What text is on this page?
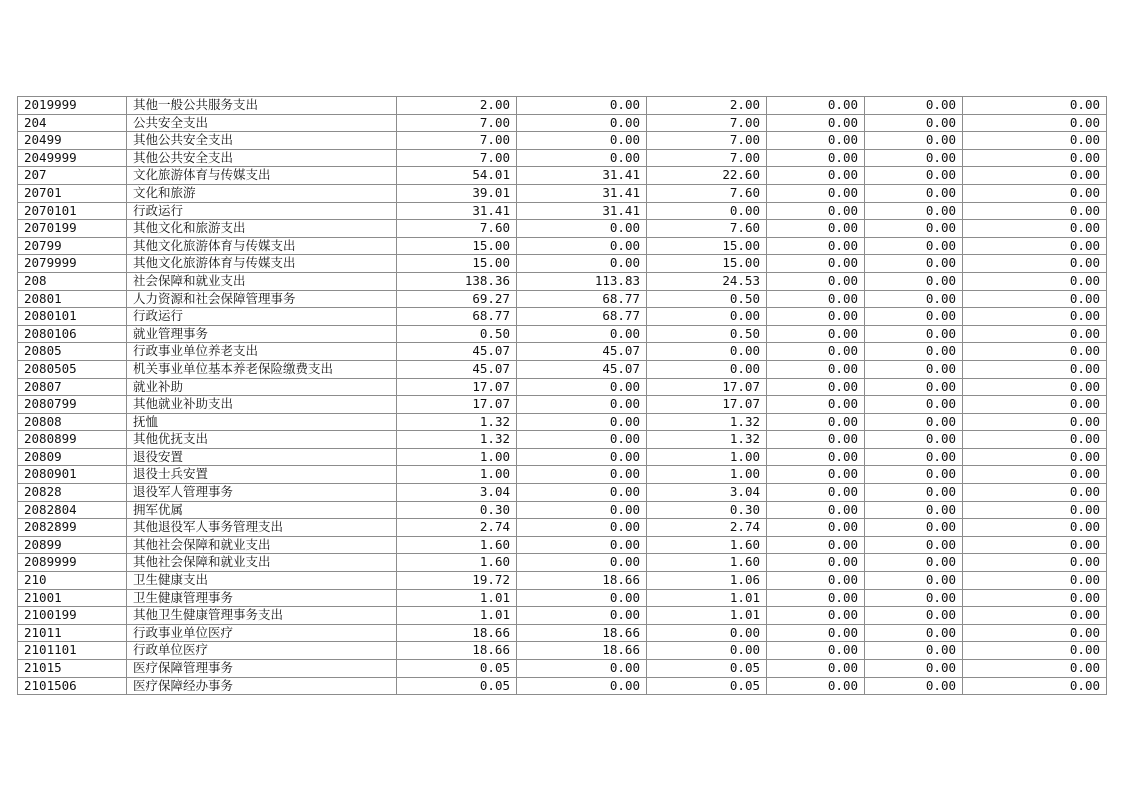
2019999	其他一般公共服务支出	2.00	0.00	2.00	0.00	0.00	0.00
204	公共安全支出	7.00	0.00	7.00	0.00	0.00	0.00
20499	其他公共安全支出	7.00	0.00	7.00	0.00	0.00	0.00
2049999	其他公共安全支出	7.00	0.00	7.00	0.00	0.00	0.00
207	文化旅游体育与传媒支出	54.01	31.41	22.60	0.00	0.00	0.00
20701	文化和旅游	39.01	31.41	7.60	0.00	0.00	0.00
2070101	行政运行	31.41	31.41	0.00	0.00	0.00	0.00
2070199	其他文化和旅游支出	7.60	0.00	7.60	0.00	0.00	0.00
20799	其他文化旅游体育与传媒支出	15.00	0.00	15.00	0.00	0.00	0.00
2079999	其他文化旅游体育与传媒支出	15.00	0.00	15.00	0.00	0.00	0.00
208	社会保障和就业支出	138.36	113.83	24.53	0.00	0.00	0.00
20801	人力资源和社会保障管理事务	69.27	68.77	0.50	0.00	0.00	0.00
2080101	行政运行	68.77	68.77	0.00	0.00	0.00	0.00
2080106	就业管理事务	0.50	0.00	0.50	0.00	0.00	0.00
20805	行政事业单位养老支出	45.07	45.07	0.00	0.00	0.00	0.00
2080505	机关事业单位基本养老保险缴费支出	45.07	45.07	0.00	0.00	0.00	0.00
20807	就业补助	17.07	0.00	17.07	0.00	0.00	0.00
2080799	其他就业补助支出	17.07	0.00	17.07	0.00	0.00	0.00
20808	抚恤	1.32	0.00	1.32	0.00	0.00	0.00
2080899	其他优抚支出	1.32	0.00	1.32	0.00	0.00	0.00
20809	退役安置	1.00	0.00	1.00	0.00	0.00	0.00
2080901	退役士兵安置	1.00	0.00	1.00	0.00	0.00	0.00
20828	退役军人管理事务	3.04	0.00	3.04	0.00	0.00	0.00
2082804	拥军优属	0.30	0.00	0.30	0.00	0.00	0.00
2082899	其他退役军人事务管理支出	2.74	0.00	2.74	0.00	0.00	0.00
20899	其他社会保障和就业支出	1.60	0.00	1.60	0.00	0.00	0.00
2089999	其他社会保障和就业支出	1.60	0.00	1.60	0.00	0.00	0.00
210	卫生健康支出	19.72	18.66	1.06	0.00	0.00	0.00
21001	卫生健康管理事务	1.01	0.00	1.01	0.00	0.00	0.00
2100199	其他卫生健康管理事务支出	1.01	0.00	1.01	0.00	0.00	0.00
21011	行政事业单位医疗	18.66	18.66	0.00	0.00	0.00	0.00
2101101	行政单位医疗	18.66	18.66	0.00	0.00	0.00	0.00
21015	医疗保障管理事务	0.05	0.00	0.05	0.00	0.00	0.00
2101506	医疗保障经办事务	0.05	0.00	0.05	0.00	0.00	0.00
